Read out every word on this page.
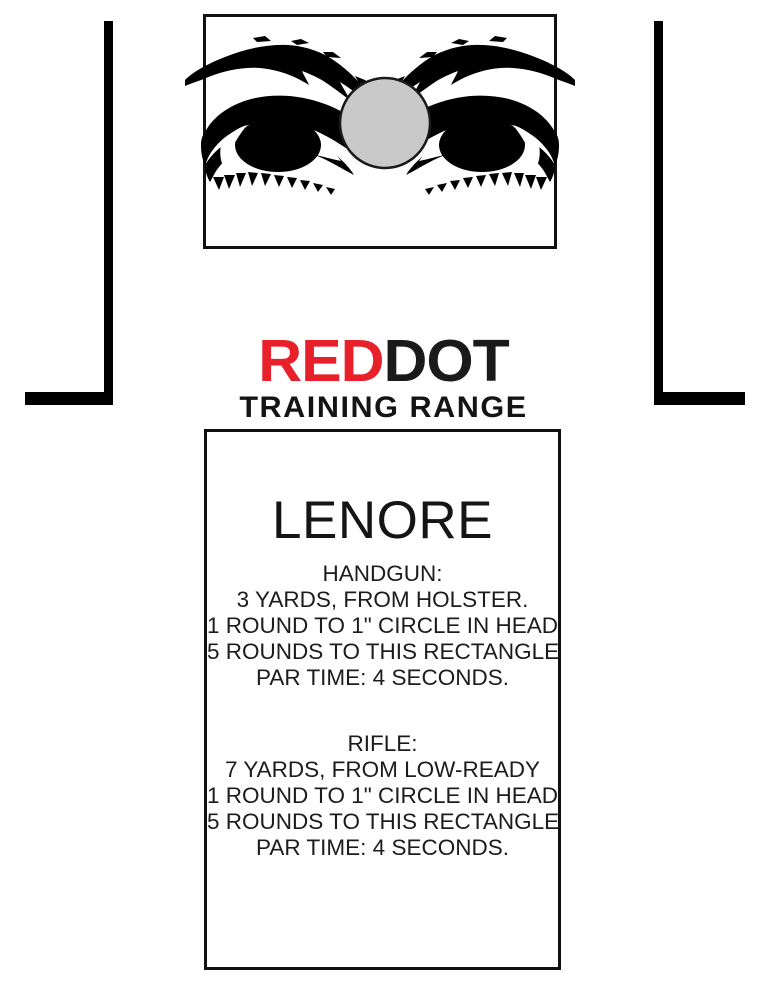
REDDOT
TRAINING RANGE
LENORE
HANDGUN:
3 YARDS, FROM HOLSTER.
1 ROUND TO 1" CIRCLE IN HEAD
5 ROUNDS TO THIS RECTANGLE
PAR TIME: 4 SECONDS.
RIFLE:
7 YARDS, FROM LOW-READY
1 ROUND TO 1" CIRCLE IN HEAD
5 ROUNDS TO THIS RECTANGLE
PAR TIME: 4 SECONDS.
